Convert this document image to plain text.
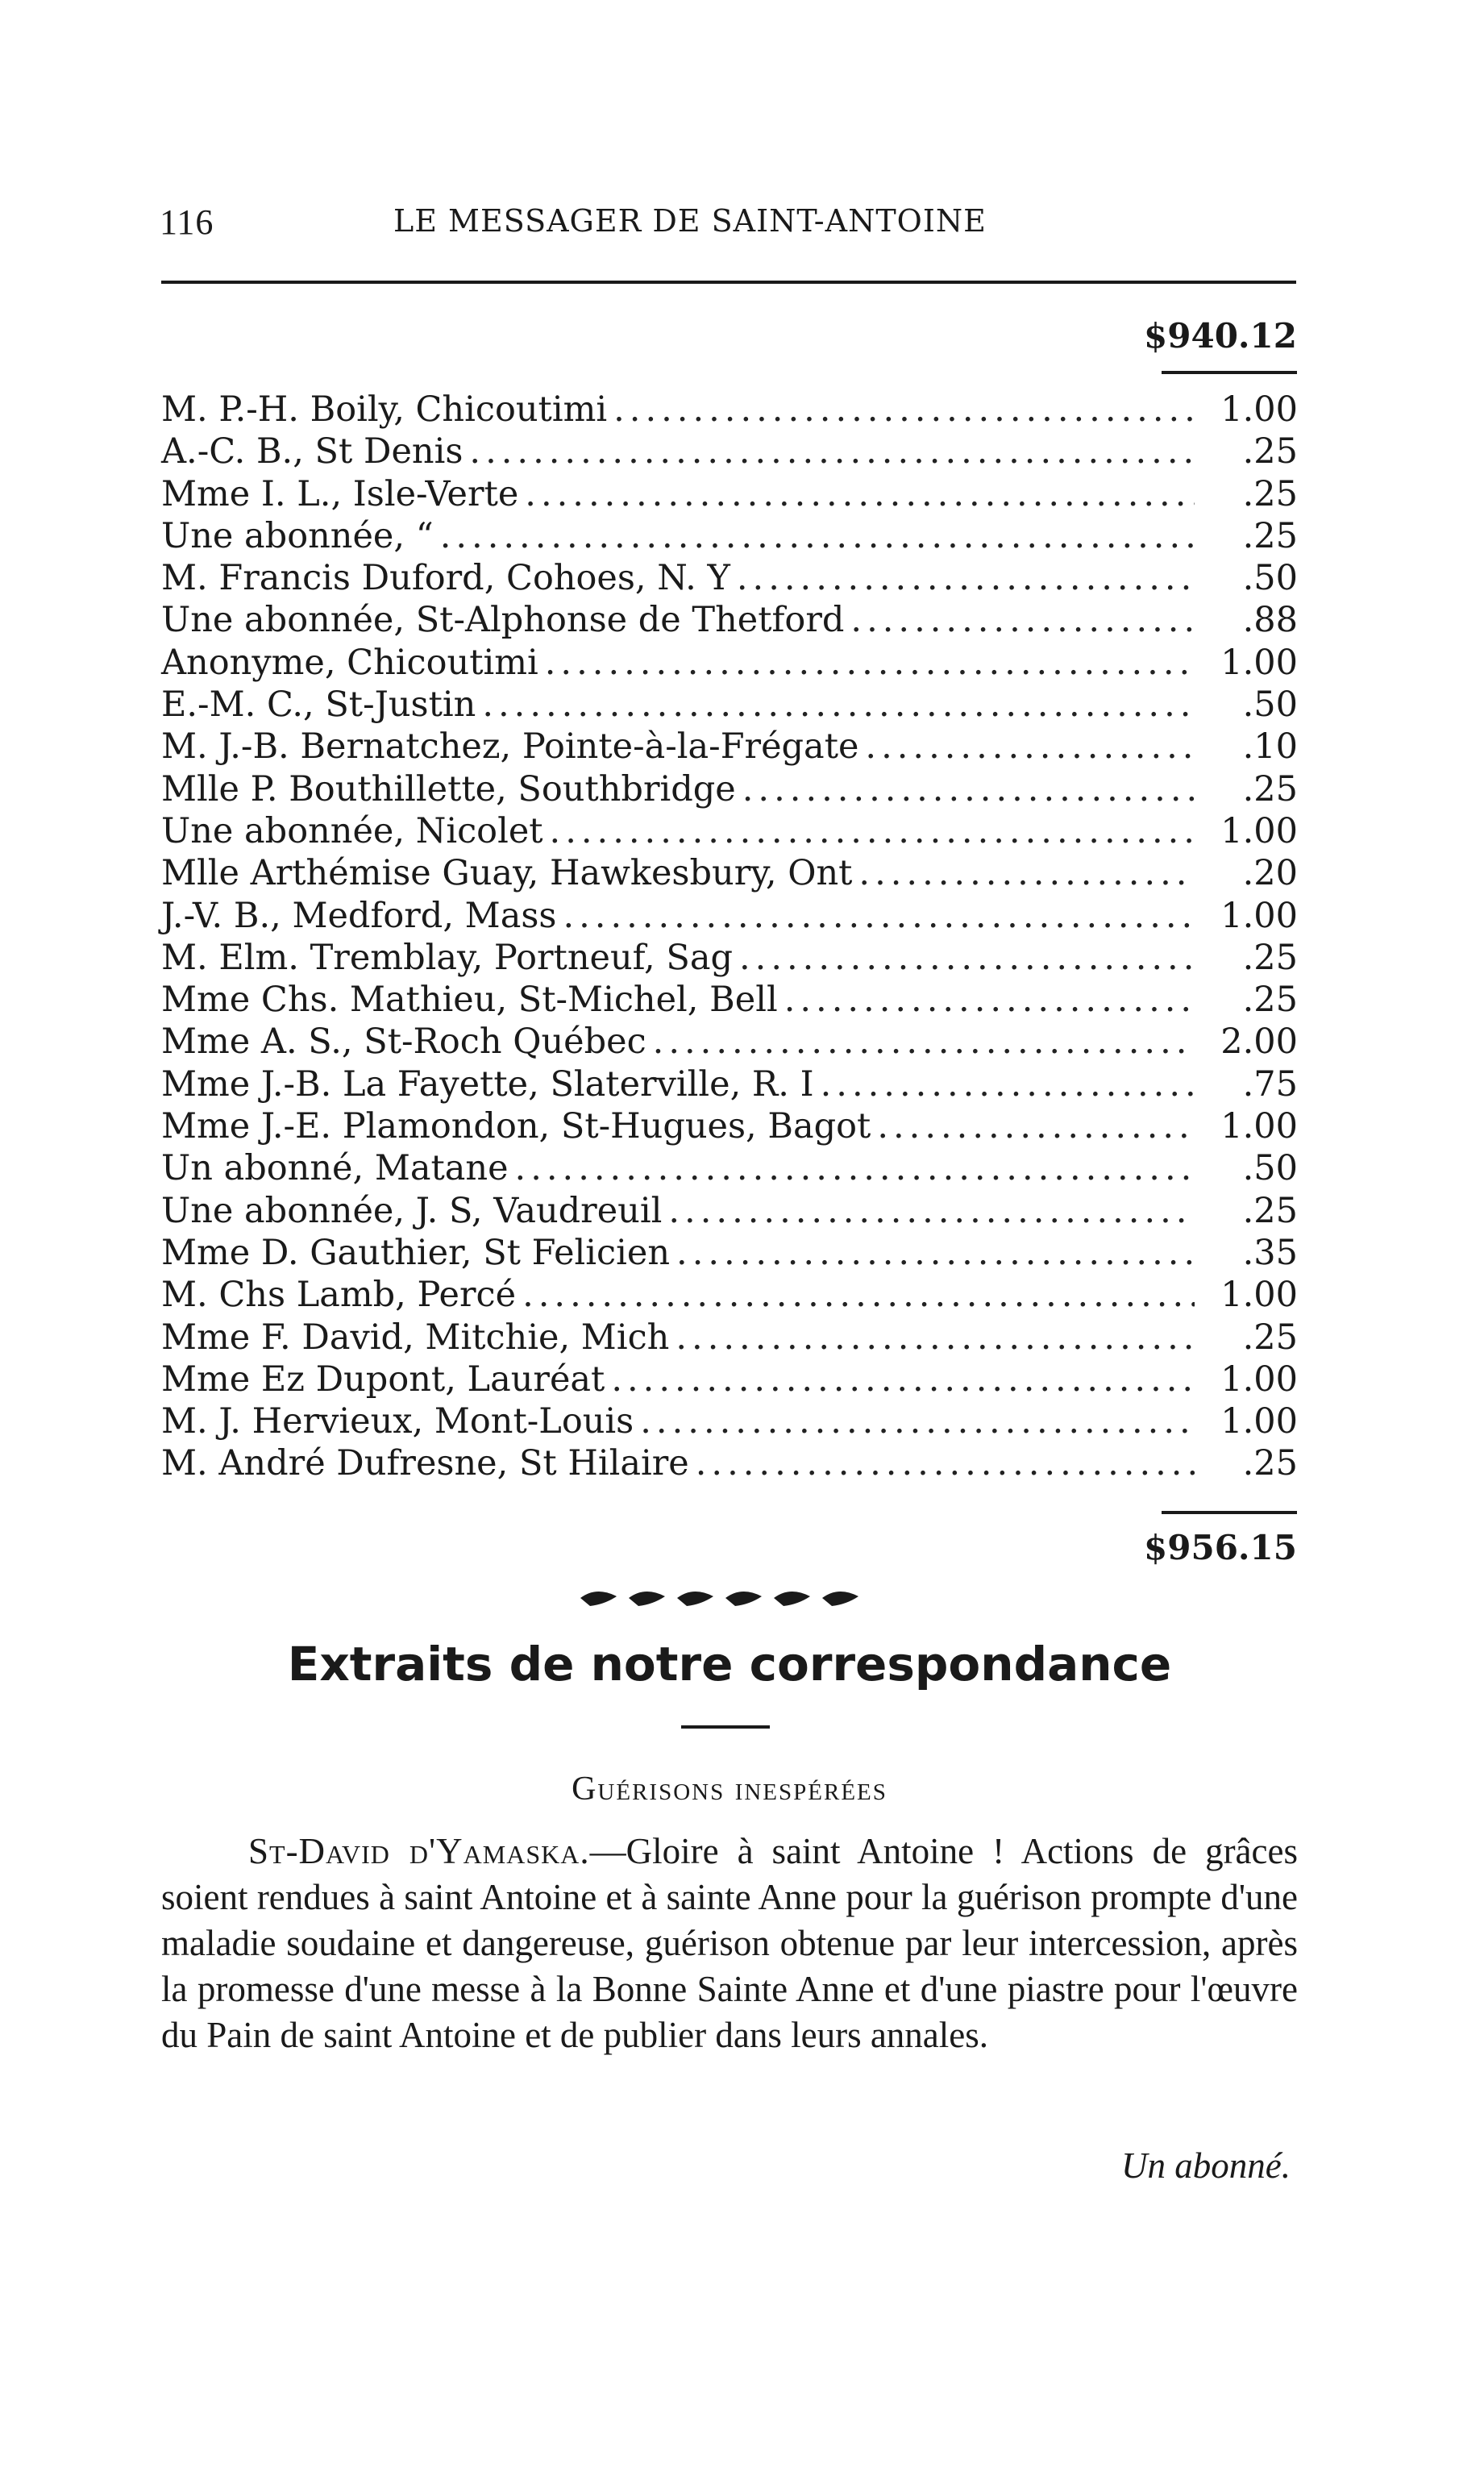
116	LE MESSAGER DE SAINT-ANTOINE
$940.12
M. P.-H. Boily, Chicoutimi .....	1.00
A.-C. B., St Denis .....	.25
Mme I. L., Isle-Verte .....	.25
Une abonnée, “ .....	.25
M. Francis Duford, Cohoes, N. Y .....	.50
Une abonnée, St-Alphonse de Thetford .....	.88
Anonyme, Chicoutimi .....	1.00
E.-M. C., St-Justin .....	.50
M. J.-B. Bernatchez, Pointe-à-la-Frégate .....	.10
Mlle P. Bouthillette, Southbridge .....	.25
Une abonnée, Nicolet .....	1.00
Mlle Arthémise Guay, Hawkesbury, Ont .....	.20
J.-V. B., Medford, Mass .....	1.00
M. Elm. Tremblay, Portneuf, Sag .....	.25
Mme Chs. Mathieu, St-Michel, Bell .....	.25
Mme A. S., St-Roch Québec .....	2.00
Mme J.-B. La Fayette, Slaterville, R. I .....	.75
Mme J.-E. Plamondon, St-Hugues, Bagot .....	1.00
Un abonné, Matane .....	.50
Une abonnée, J. S, Vaudreuil .....	.25
Mme D. Gauthier, St Felicien .....	.35
M. Chs Lamb, Percé .....	1.00
Mme F. David, Mitchie, Mich .....	.25
Mme Ez Dupont, Lauréat .....	1.00
M. J. Hervieux, Mont-Louis .....	1.00
M. André Dufresne, St Hilaire .....	.25
$956.15
Extraits de notre correspondance
Guérisons inespérées

St-David d'Yamaska.—Gloire à saint Antoine ! Actions de grâces soient rendues à saint Antoine et à sainte Anne pour la guérison prompte d'une maladie soudaine et dangereuse, guérison obtenue par leur intercession, après la promesse d'une messe à la Bonne Sainte Anne et d'une piastre pour l'œuvre du Pain de saint Antoine et de publier dans leurs annales.

Un abonné.
